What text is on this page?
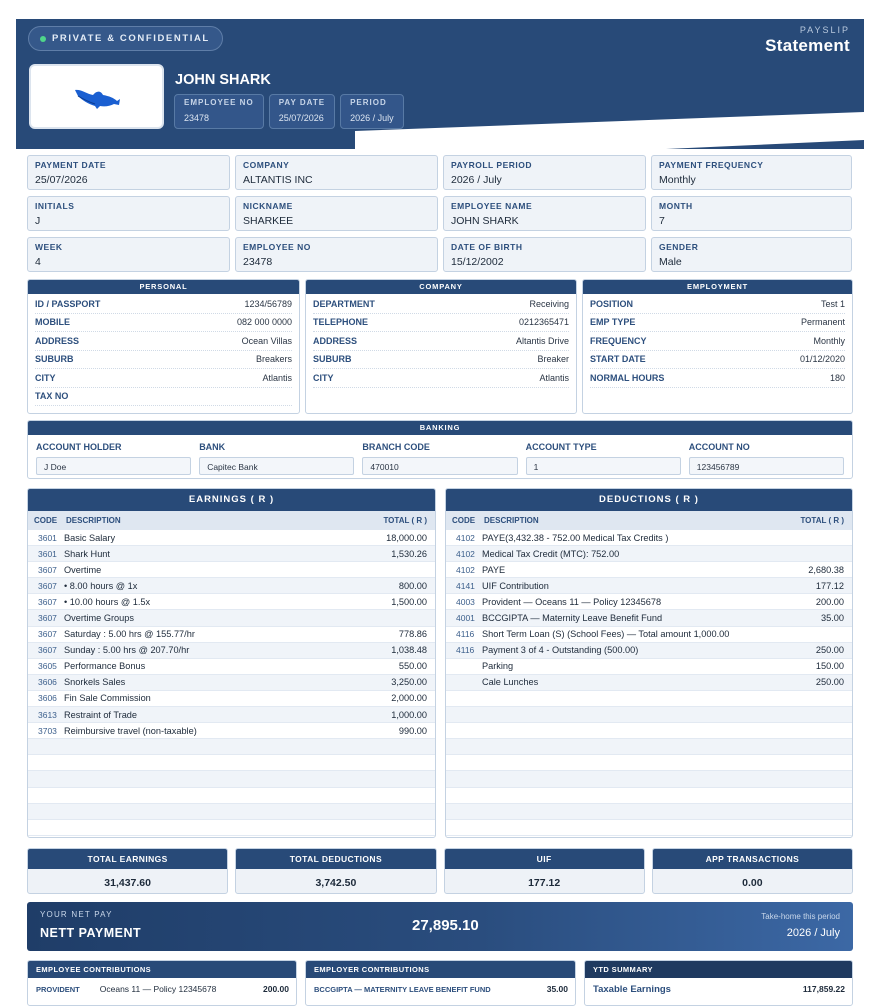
PRIVATE & CONFIDENTIAL
PAYSLIP
Statement
JOHN SHARK
EMPLOYEE NO
23478
PAY DATE
25/07/2026
PERIOD
2026 / July
PAYMENT DATE
25/07/2026
COMPANY
ALTANTIS INC
PAYROLL PERIOD
2026 / July
PAYMENT FREQUENCY
Monthly
INITIALS
J
NICKNAME
SHARKEE
EMPLOYEE NAME
JOHN SHARK
MONTH
7
WEEK
4
EMPLOYEE NO
23478
DATE OF BIRTH
15/12/2002
GENDER
Male
PERSONAL
ID / PASSPORT	1234/56789
MOBILE	082 000 0000
ADDRESS	Ocean Villas
SUBURB	Breakers
CITY	Atlantis
TAX NO
COMPANY
DEPARTMENT	Receiving
TELEPHONE	0212365471
ADDRESS	Altantis Drive
SUBURB	Breaker
CITY	Atlantis
EMPLOYMENT
POSITION	Test 1
EMP TYPE	Permanent
FREQUENCY	Monthly
START DATE	01/12/2020
NORMAL HOURS	180
BANKING
ACCOUNT HOLDER
J Doe
BANK
Capitec Bank
BRANCH CODE
470010
ACCOUNT TYPE
1
ACCOUNT NO
123456789
EARNINGS ( R )
CODE	DESCRIPTION	TOTAL ( R )
3601 Basic Salary	18,000.00
3601 Shark Hunt	1,530.26
3607 Overtime
3607 • 8.00 hours @ 1x	800.00
3607 • 10.00 hours @ 1.5x	1,500.00
3607 Overtime Groups
3607 Saturday : 5.00 hrs @ 155.77/hr	778.86
3607 Sunday : 5.00 hrs @ 207.70/hr	1,038.48
3605 Performance Bonus	550.00
3606 Snorkels Sales	3,250.00
3606 Fin Sale Commission	2,000.00
3613 Restraint of Trade	1,000.00
3703 Reimbursive travel (non-taxable)	990.00
DEDUCTIONS ( R )
CODE	DESCRIPTION	TOTAL ( R )
4102 PAYE(3,432.38 - 752.00 Medical Tax Credits )
4102 Medical Tax Credit (MTC): 752.00
4102 PAYE	2,680.38
4141 UIF Contribution	177.12
4003 Provident — Oceans 11 — Policy 12345678	200.00
4001 BCCGIPTA — Maternity Leave Benefit Fund	35.00
4116 Short Term Loan (S) (School Fees) — Total amount 1,000.00
4116 Payment 3 of 4 - Outstanding (500.00)	250.00
Parking	150.00
Cale Lunches	250.00
TOTAL EARNINGS
31,437.60
TOTAL DEDUCTIONS
3,742.50
UIF
177.12
APP TRANSACTIONS
0.00
YOUR NET PAY
NETT PAYMENT	27,895.10
Take-home this period
2026 / July
EMPLOYEE CONTRIBUTIONS
PROVIDENT	Oceans 11 — Policy 12345678	200.00
EMPLOYER CONTRIBUTIONS
BCCGIPTA — MATERNITY LEAVE BENEFIT FUND	35.00
YTD SUMMARY
Taxable Earnings	117,859.22
